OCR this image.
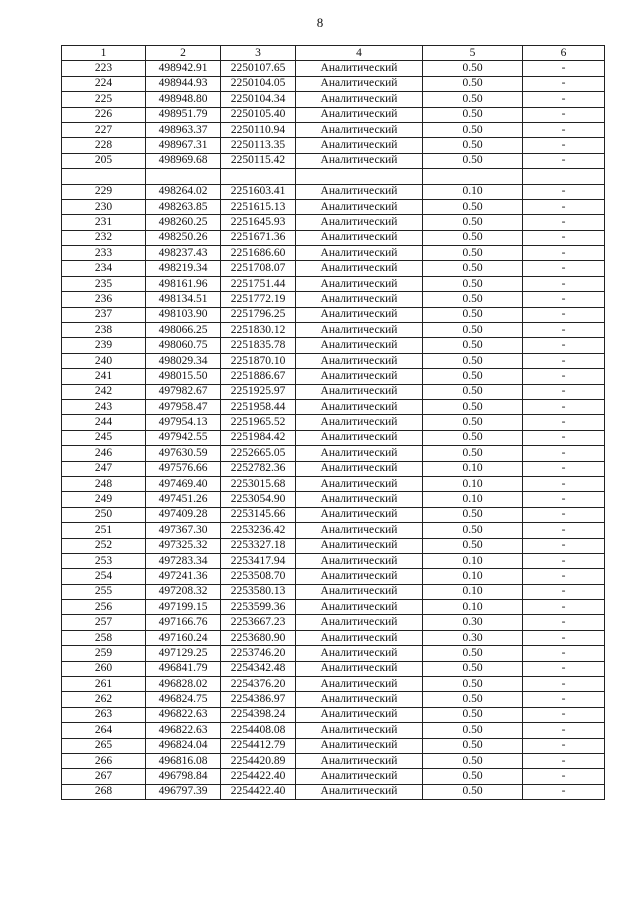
8
1	2	3	4	5	6
223	498942.91	2250107.65	Аналитический	0.50	-
224	498944.93	2250104.05	Аналитический	0.50	-
225	498948.80	2250104.34	Аналитический	0.50	-
226	498951.79	2250105.40	Аналитический	0.50	-
227	498963.37	2250110.94	Аналитический	0.50	-
228	498967.31	2250113.35	Аналитический	0.50	-
205	498969.68	2250115.42	Аналитический	0.50	-

229	498264.02	2251603.41	Аналитический	0.10	-
230	498263.85	2251615.13	Аналитический	0.50	-
231	498260.25	2251645.93	Аналитический	0.50	-
232	498250.26	2251671.36	Аналитический	0.50	-
233	498237.43	2251686.60	Аналитический	0.50	-
234	498219.34	2251708.07	Аналитический	0.50	-
235	498161.96	2251751.44	Аналитический	0.50	-
236	498134.51	2251772.19	Аналитический	0.50	-
237	498103.90	2251796.25	Аналитический	0.50	-
238	498066.25	2251830.12	Аналитический	0.50	-
239	498060.75	2251835.78	Аналитический	0.50	-
240	498029.34	2251870.10	Аналитический	0.50	-
241	498015.50	2251886.67	Аналитический	0.50	-
242	497982.67	2251925.97	Аналитический	0.50	-
243	497958.47	2251958.44	Аналитический	0.50	-
244	497954.13	2251965.52	Аналитический	0.50	-
245	497942.55	2251984.42	Аналитический	0.50	-
246	497630.59	2252665.05	Аналитический	0.50	-
247	497576.66	2252782.36	Аналитический	0.10	-
248	497469.40	2253015.68	Аналитический	0.10	-
249	497451.26	2253054.90	Аналитический	0.10	-
250	497409.28	2253145.66	Аналитический	0.50	-
251	497367.30	2253236.42	Аналитический	0.50	-
252	497325.32	2253327.18	Аналитический	0.50	-
253	497283.34	2253417.94	Аналитический	0.10	-
254	497241.36	2253508.70	Аналитический	0.10	-
255	497208.32	2253580.13	Аналитический	0.10	-
256	497199.15	2253599.36	Аналитический	0.10	-
257	497166.76	2253667.23	Аналитический	0.30	-
258	497160.24	2253680.90	Аналитический	0.30	-
259	497129.25	2253746.20	Аналитический	0.50	-
260	496841.79	2254342.48	Аналитический	0.50	-
261	496828.02	2254376.20	Аналитический	0.50	-
262	496824.75	2254386.97	Аналитический	0.50	-
263	496822.63	2254398.24	Аналитический	0.50	-
264	496822.63	2254408.08	Аналитический	0.50	-
265	496824.04	2254412.79	Аналитический	0.50	-
266	496816.08	2254420.89	Аналитический	0.50	-
267	496798.84	2254422.40	Аналитический	0.50	-
268	496797.39	2254422.40	Аналитический	0.50	-
